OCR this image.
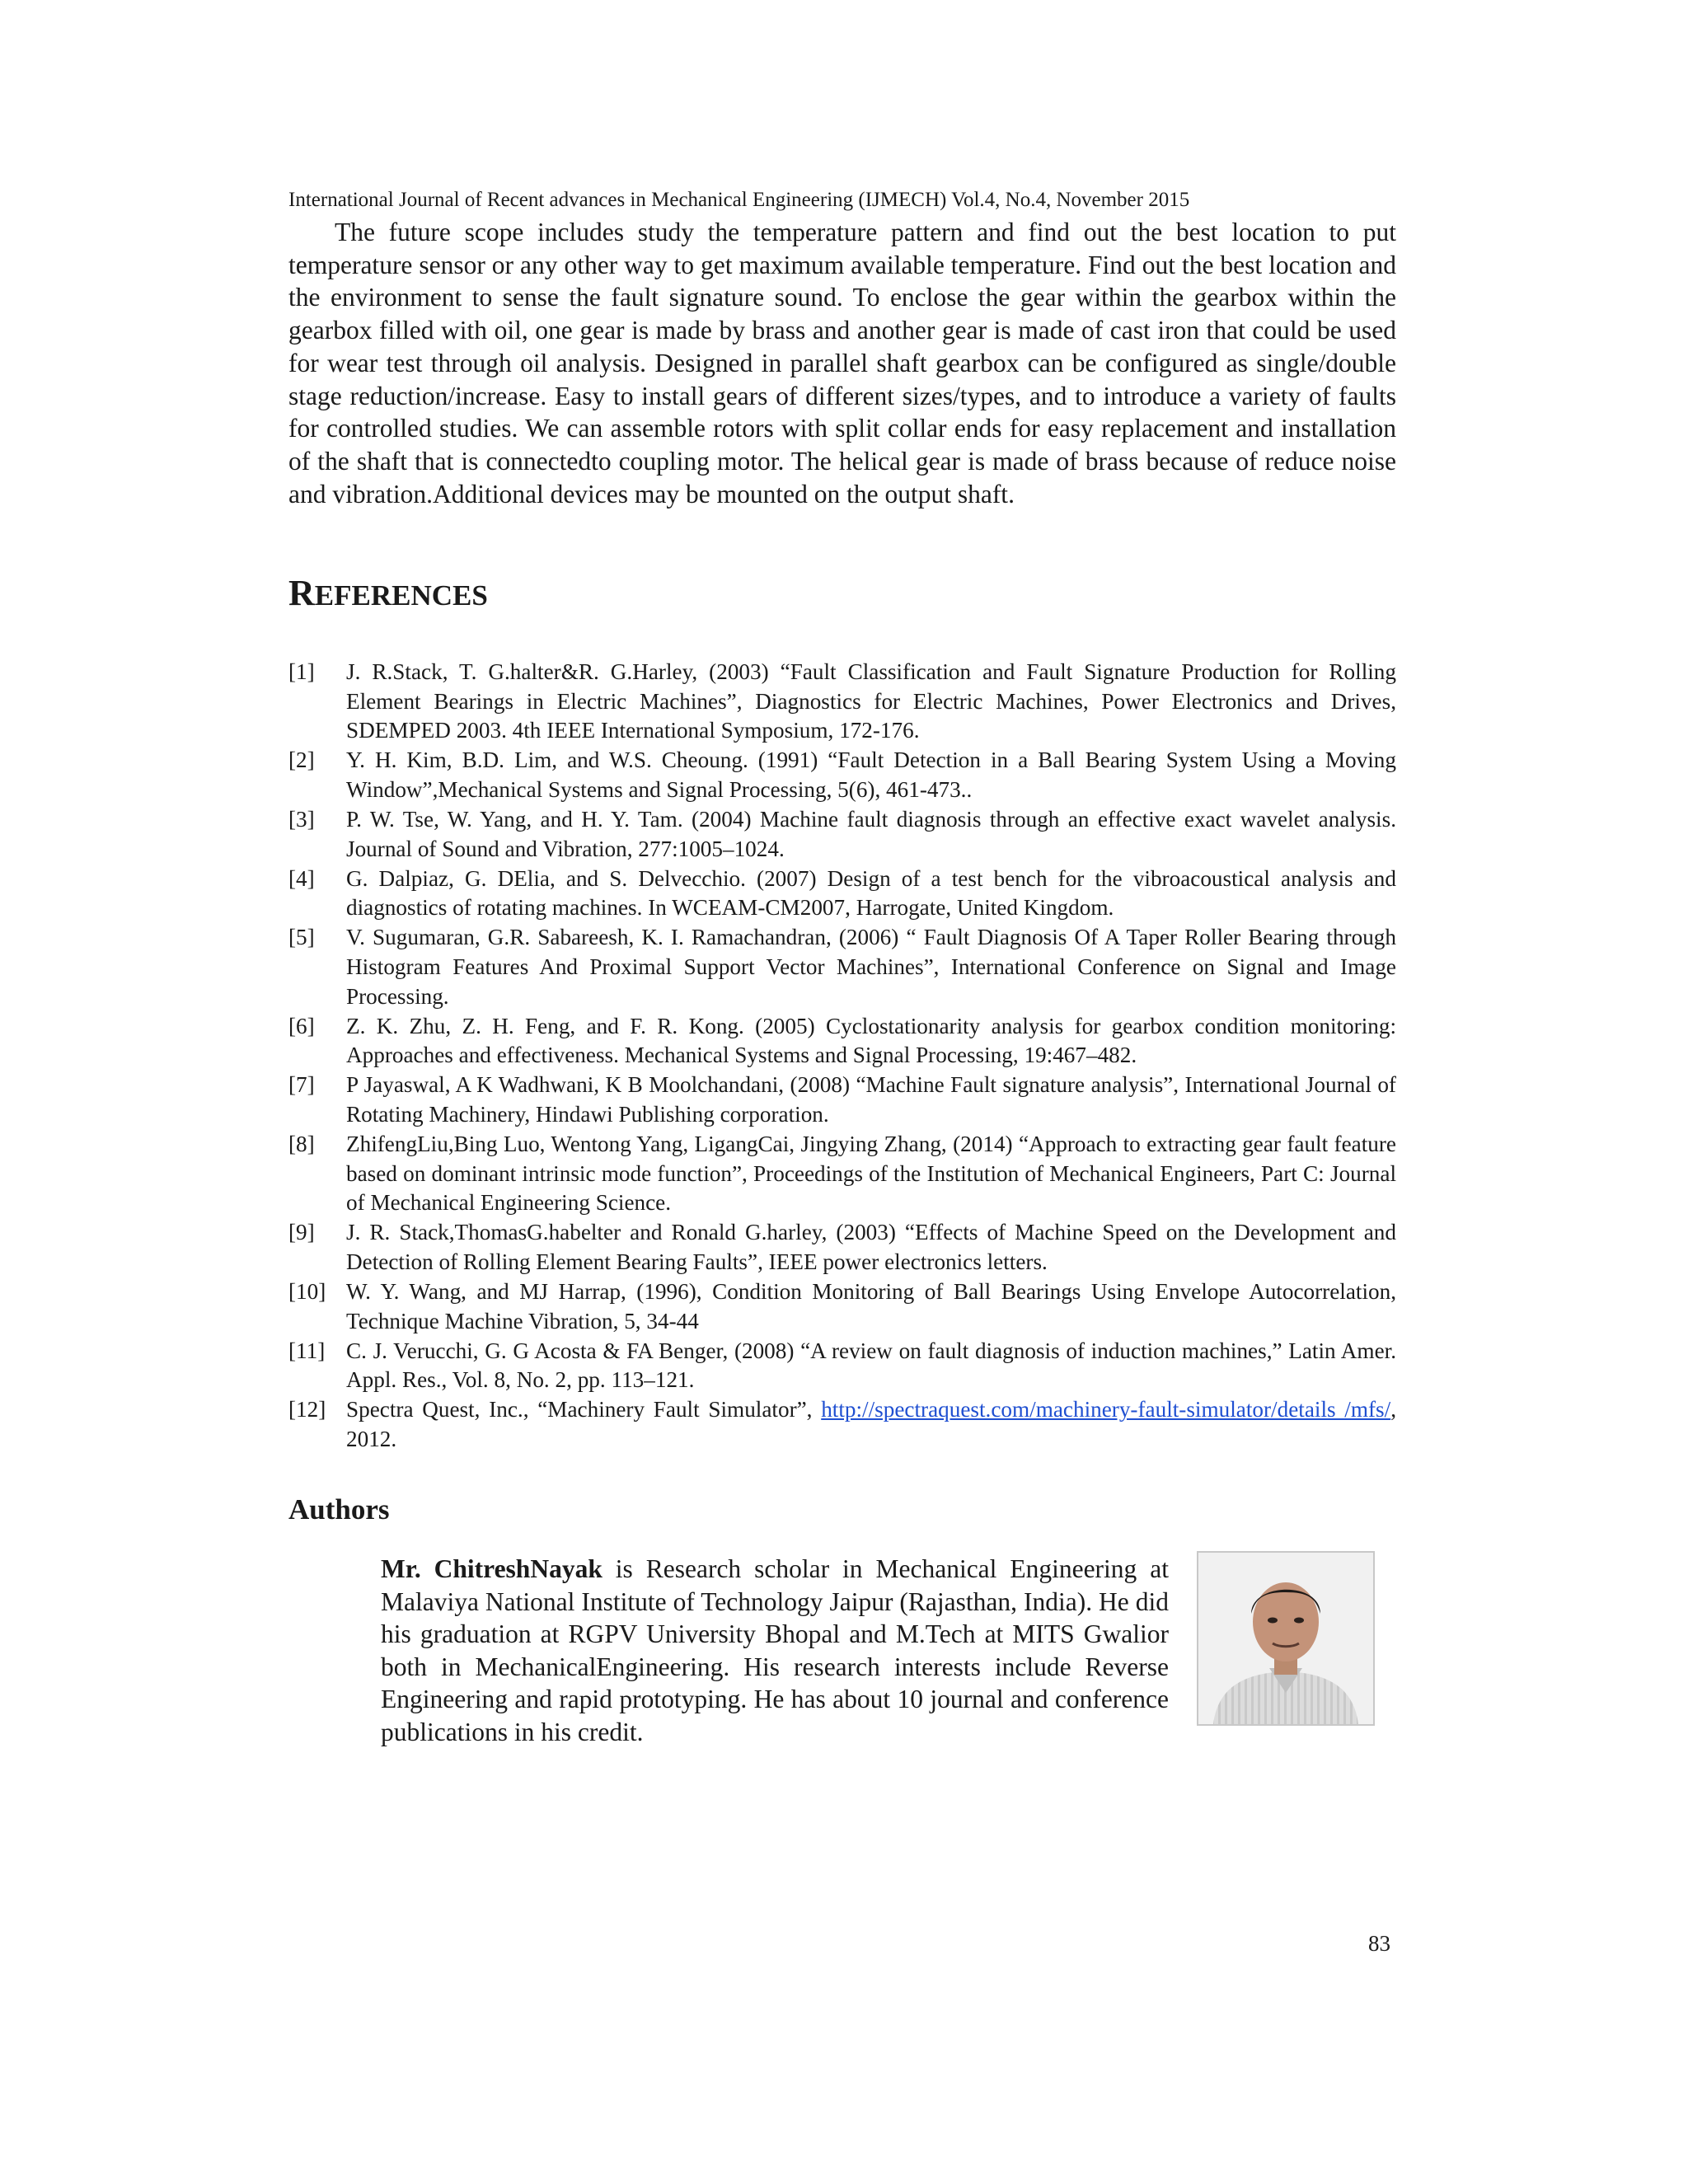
International Journal of Recent advances in Mechanical Engineering (IJMECH) Vol.4, No.4, November 2015

The future scope includes study the temperature pattern and find out the best location to put temperature sensor or any other way to get maximum available temperature. Find out the best location and the environment to sense the fault signature sound. To enclose the gear within the gearbox within the gearbox filled with oil, one gear is made by brass and another gear is made of cast iron that could be used for wear test through oil analysis. Designed in parallel shaft gearbox can be configured as single/double stage reduction/increase. Easy to install gears of different sizes/types, and to introduce a variety of faults for controlled studies. We can assemble rotors with split collar ends for easy replacement and installation of the shaft that is connectedto coupling motor. The helical gear is made of brass because of reduce noise and vibration.Additional devices may be mounted on the output shaft.

REFERENCES
[1] J. R.Stack, T. G.halter&R. G.Harley, (2003) “Fault Classification and Fault Signature Production for Rolling Element Bearings in Electric Machines”, Diagnostics for Electric Machines, Power Electronics and Drives, SDEMPED 2003. 4th IEEE International Symposium, 172-176.
[2] Y. H. Kim, B.D. Lim, and W.S. Cheoung. (1991) “Fault Detection in a Ball Bearing System Using a Moving Window”,Mechanical Systems and Signal Processing, 5(6), 461-473..
[3] P. W. Tse, W. Yang, and H. Y. Tam. (2004) Machine fault diagnosis through an effective exact wavelet analysis. Journal of Sound and Vibration, 277:1005–1024.
[4] G. Dalpiaz, G. DElia, and S. Delvecchio. (2007) Design of a test bench for the vibroacoustical analysis and diagnostics of rotating machines. In WCEAM-CM2007, Harrogate, United Kingdom.
[5] V. Sugumaran, G.R. Sabareesh, K. I. Ramachandran, (2006) “ Fault Diagnosis Of A Taper Roller Bearing through Histogram Features And Proximal Support Vector Machines”, International Conference on Signal and Image Processing.
[6] Z. K. Zhu, Z. H. Feng, and F. R. Kong. (2005) Cyclostationarity analysis for gearbox condition monitoring: Approaches and effectiveness. Mechanical Systems and Signal Processing, 19:467–482.
[7] P Jayaswal, A K Wadhwani, K B Moolchandani, (2008) “Machine Fault signature analysis”, International Journal of Rotating Machinery, Hindawi Publishing corporation.
[8] ZhifengLiu,Bing Luo, Wentong Yang, LigangCai, Jingying Zhang, (2014) “Approach to extracting gear fault feature based on dominant intrinsic mode function”, Proceedings of the Institution of Mechanical Engineers, Part C: Journal of Mechanical Engineering Science.
[9] J. R. Stack,ThomasG.habelter and Ronald G.harley, (2003) “Effects of Machine Speed on the Development and Detection of Rolling Element Bearing Faults”, IEEE power electronics letters.
[10] W. Y. Wang, and MJ Harrap, (1996), Condition Monitoring of Ball Bearings Using Envelope Autocorrelation, Technique Machine Vibration, 5, 34-44
[11] C. J. Verucchi, G. G Acosta & FA Benger, (2008) “A review on fault diagnosis of induction machines,” Latin Amer. Appl. Res., Vol. 8, No. 2, pp. 113–121.
[12] Spectra Quest, Inc., “Machinery Fault Simulator”, http://spectraquest.com/machinery-fault-simulator/details /mfs/, 2012.
Authors

Mr. ChitreshNayak is Research scholar in Mechanical Engineering at Malaviya National Institute of Technology Jaipur (Rajasthan, India). He did his graduation at RGPV University Bhopal and M.Tech at MITS Gwalior both in MechanicalEngineering. His research interests include Reverse Engineering and rapid prototyping. He has about 10 journal and conference publications in his credit.

83
